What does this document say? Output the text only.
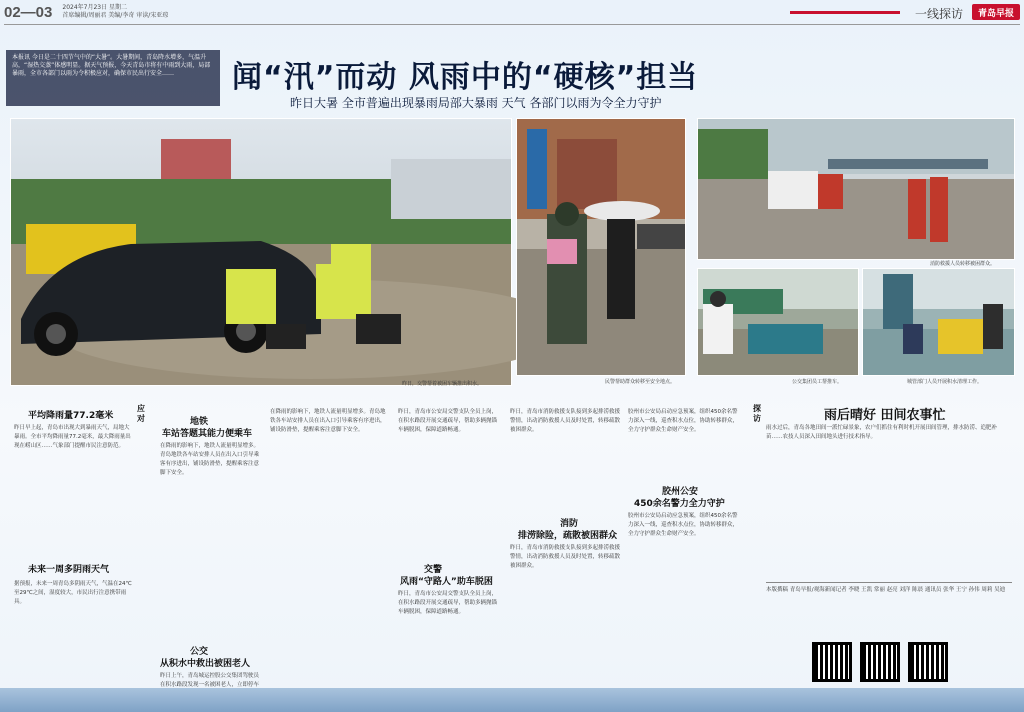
02—03 2024年7月23日 星期二
首席编辑/周丽君 美编/李奇 审读/宋亚琼	一线探访	青岛早报
本报讯 今日是二十四节气中的“大暑”。大暑期间，青岛降水增多，气温升高，“湿热交蒸”体感明显。据天气预报，今天青岛市将有中雨到大雨，局部暴雨，全市各部门以雨为令积极应对，确保市民出行安全……	闻“汛”而动 风雨中的“硬核”担当
昨日大暑 全市普遍出现暴雨局部大暴雨 天气 各部门以雨为令全力守护
昨日，交警帮着被困车辆推出积水。	民警帮助群众转移至安全地点。
消防救援人员转移被困群众。
公交集团员工帮推车。	城管部门人员开展积水清理工作。
平均降雨量77.2毫米
应对
昨日早上起，青岛市出现大到暴雨天气，局地大暴雨。全市平均降雨量77.2毫米，最大降雨量出现在崂山区……气象部门提醒市民注意防范。
未来一周多阴雨天气
据预报，未来一周青岛多阴雨天气，气温在24℃至29℃之间，湿度较大，市民出行注意携带雨具。
地铁
车站答题其能力便乘车
在降雨的影响下，地铁人流量明显增多。青岛地铁各车站安排人员在出入口引导乘客有序进出，铺设防滑垫，提醒乘客注意脚下安全。
公交
从积水中救出被困老人
昨日上午，青岛城运控股公交集团驾驶员在积水路段发现一名被困老人，立即停车
在降雨的影响下，地铁人流量明显增多。青岛地铁各车站安排人员在出入口引导乘客有序进出，铺设防滑垫，提醒乘客注意脚下安全。
昨日，青岛市公安局交警支队全员上岗，在积水路段开展交通疏导，帮助多辆抛锚车辆脱困，保障道路畅通。
交警
风雨“守路人”助车脱困
昨日，青岛市公安局交警支队全员上岗，在积水路段开展交通疏导，帮助多辆抛锚车辆脱困，保障道路畅通。
昨日，青岛市消防救援支队接到多起排涝救援警情，出动消防救援人员及时处置，转移疏散被困群众。
消防
排涝除险，疏散被困群众
昨日，青岛市消防救援支队接到多起排涝救援警情，出动消防救援人员及时处置，转移疏散被困群众。
胶州市公安局启动应急预案，组织450余名警力深入一线，巡查积水点位，协助转移群众，全力守护群众生命财产安全。
胶州公安
450余名警力全力守护
胶州市公安局启动应急预案，组织450余名警力深入一线，巡查积水点位，协助转移群众，全力守护群众生命财产安全。
探访	雨后晴好 田间农事忙
雨水过后，青岛各地田间一派忙碌景象，农户们抓住有利时机开展田间管理，排水防涝、追肥补苗……农技人员深入田间地头进行技术指导。
本版撰稿 青岛早报/观海新闻记者 李晓 王凯 常丽 赵亮 刘洋 陈晨 通讯员 张华 王宁 孙伟 周莉 吴迪
